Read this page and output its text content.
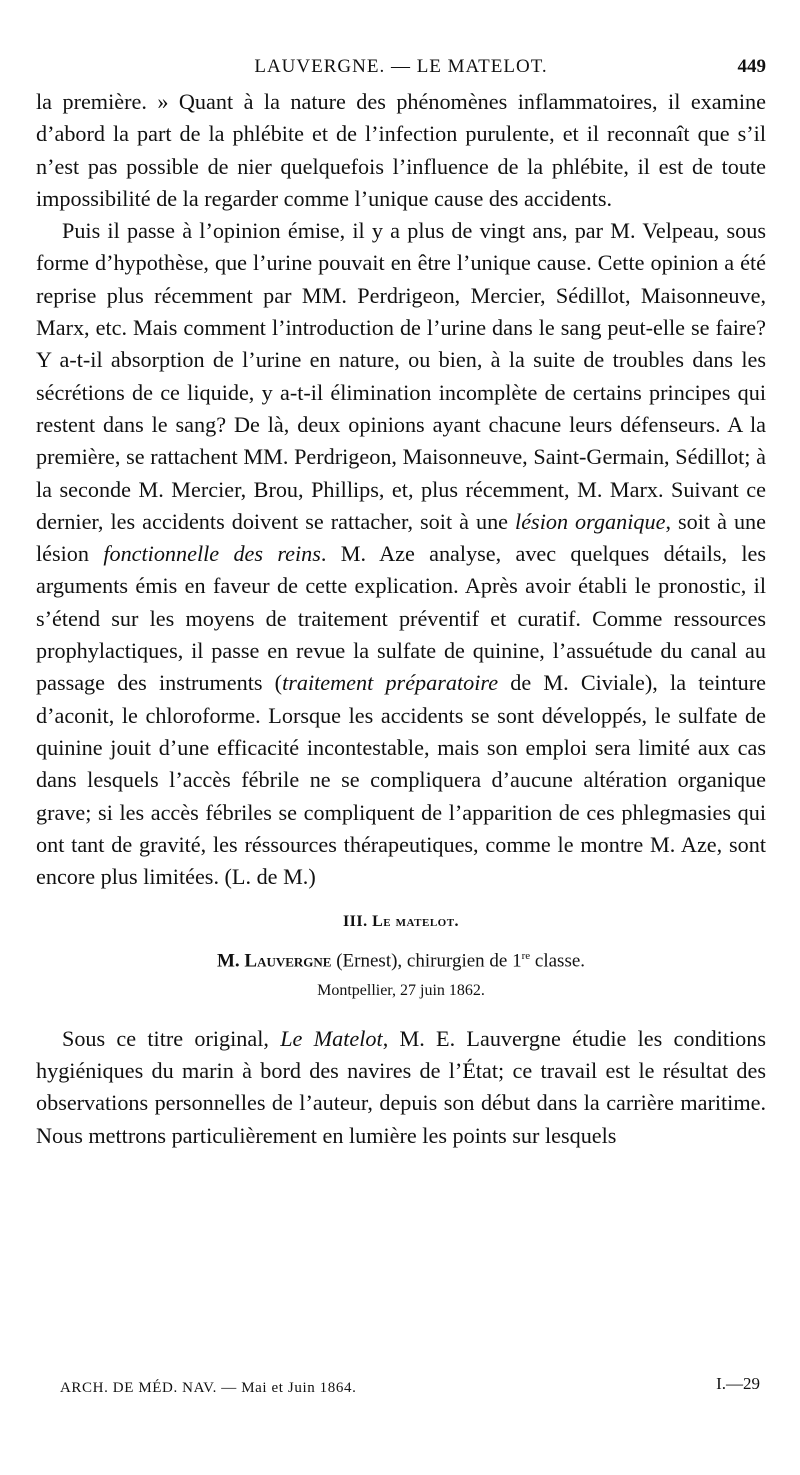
LAUVERGNE. — LE MATELOT.	449

la première. » Quant à la nature des phénomènes inflammatoires, il examine d’abord la part de la phlébite et de l’infection purulente, et il reconnaît que s’il n’est pas possible de nier quelquefois l’influence de la phlébite, il est de toute impossibilité de la regarder comme l’unique cause des accidents.

Puis il passe à l’opinion émise, il y a plus de vingt ans, par M. Velpeau, sous forme d’hypothèse, que l’urine pouvait en être l’unique cause. Cette opinion a été reprise plus récemment par MM. Perdrigeon, Mercier, Sédillot, Maisonneuve, Marx, etc. Mais comment l’introduction de l’urine dans le sang peut-elle se faire? Y a-t-il absorption de l’urine en nature, ou bien, à la suite de troubles dans les sécrétions de ce liquide, y a-t-il élimination incomplète de certains principes qui restent dans le sang? De là, deux opinions ayant chacune leurs défenseurs. A la première, se rattachent MM. Perdrigeon, Maisonneuve, Saint-Germain, Sédillot; à la seconde M. Mercier, Brou, Phillips, et, plus récemment, M. Marx. Suivant ce dernier, les accidents doivent se rattacher, soit à une lésion organique, soit à une lésion fonctionnelle des reins. M. Aze analyse, avec quelques détails, les arguments émis en faveur de cette explication. Après avoir établi le pronostic, il s’étend sur les moyens de traitement préventif et curatif. Comme ressources prophylactiques, il passe en revue la sulfate de quinine, l’assuétude du canal au passage des instruments (traitement préparatoire de M. Civiale), la teinture d’aconit, le chloroforme. Lorsque les accidents se sont développés, le sulfate de quinine jouit d’une efficacité incontestable, mais son emploi sera limité aux cas dans lesquels l’accès fébrile ne se compliquera d’aucune altération organique grave; si les accès fébriles se compliquent de l’apparition de ces phlegmasies qui ont tant de gravité, les réssources thérapeutiques, comme le montre M. Aze, sont encore plus limitées. (L. de M.)

III. Le matelot.
M. Lauvergne (Ernest), chirurgien de 1re classe.
Montpellier, 27 juin 1862.

Sous ce titre original, Le Matelot, M. E. Lauvergne étudie les conditions hygiéniques du marin à bord des navires de l’État; ce travail est le résultat des observations personnelles de l’auteur, depuis son début dans la carrière maritime. Nous mettrons particulièrement en lumière les points sur lesquels

ARCH. DE MÉD. NAV. — Mai et Juin 1864.	I.—29
